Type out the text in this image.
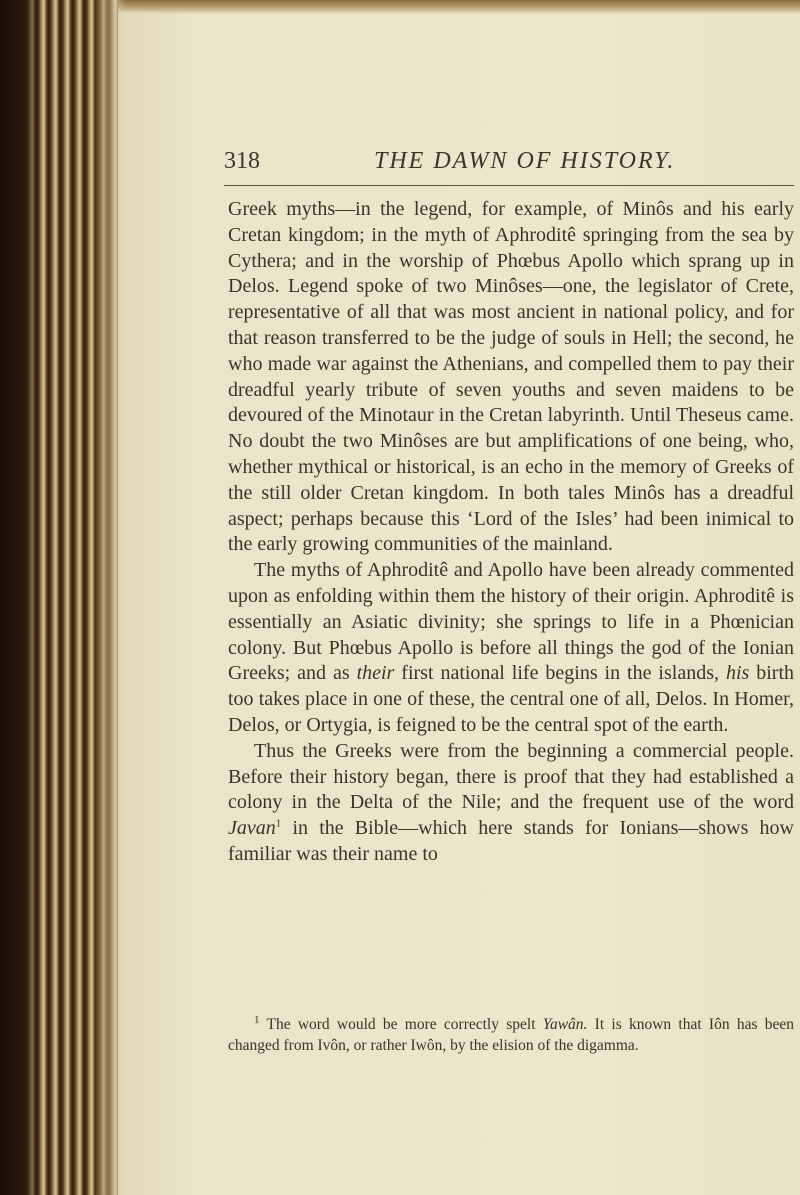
318	THE DAWN OF HISTORY.

Greek myths—in the legend, for example, of Minôs and his early Cretan kingdom; in the myth of Aphroditê springing from the sea by Cythera; and in the worship of Phœbus Apollo which sprang up in Delos. Legend spoke of two Minôses—one, the legislator of Crete, representative of all that was most ancient in national policy, and for that reason transferred to be the judge of souls in Hell; the second, he who made war against the Athenians, and compelled them to pay their dreadful yearly tribute of seven youths and seven maidens to be devoured of the Minotaur in the Cretan labyrinth. Until Theseus came. No doubt the two Minôses are but amplifications of one being, who, whether mythical or historical, is an echo in the memory of Greeks of the still older Cretan kingdom. In both tales Minôs has a dreadful aspect; perhaps because this ‘Lord of the Isles’ had been inimical to the early growing communities of the mainland.

The myths of Aphroditê and Apollo have been already commented upon as enfolding within them the history of their origin. Aphroditê is essentially an Asiatic divinity; she springs to life in a Phœnician colony. But Phœbus Apollo is before all things the god of the Ionian Greeks; and as their first national life begins in the islands, his birth too takes place in one of these, the central one of all, Delos. In Homer, Delos, or Ortygia, is feigned to be the central spot of the earth.

Thus the Greeks were from the beginning a commercial people. Before their history began, there is proof that they had established a colony in the Delta of the Nile; and the frequent use of the word Javan$^1$ in the Bible—which here stands for Ionians—shows how familiar was their name to

$^1$ The word would be more correctly spelt Yawân. It is known that Iôn has been changed from Ivôn, or rather Iwôn, by the elision of the digamma.
